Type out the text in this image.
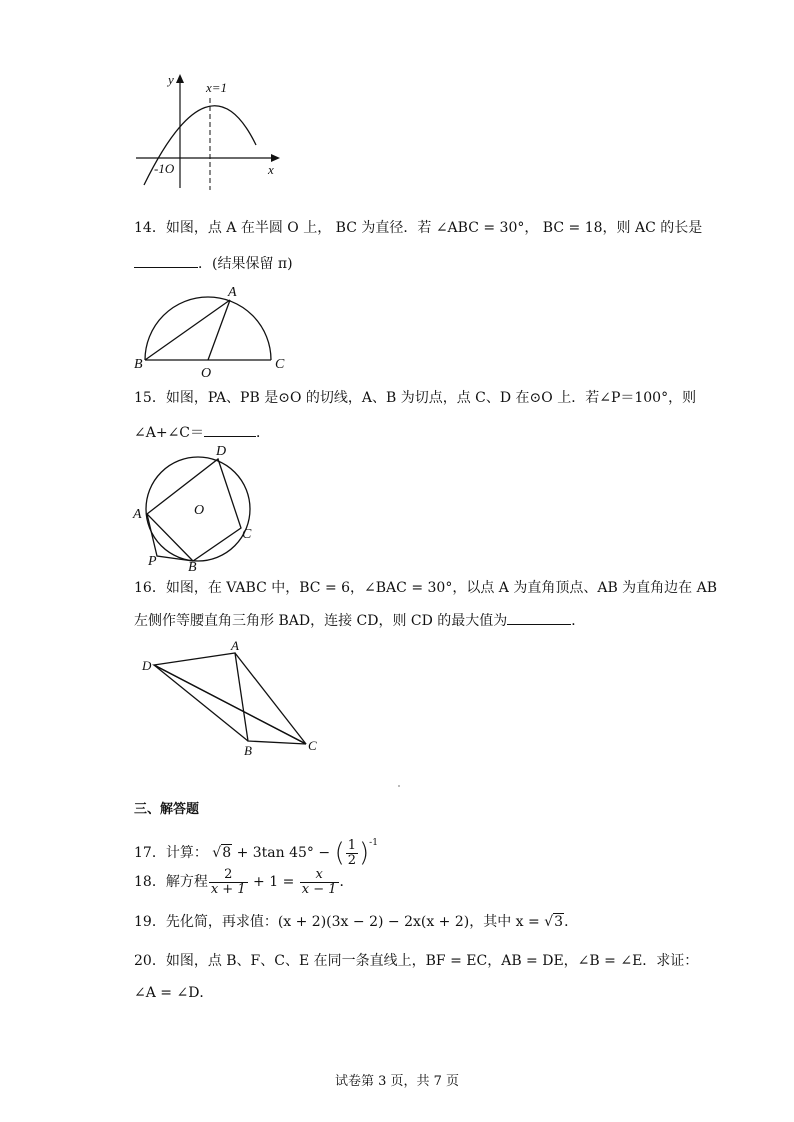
y
x
x=1
-1O
14．如图，点 A 在半圆 O 上， BC 为直径．若 ∠ABC = 30°， BC = 18，则 AC 的长是
．(结果保留 π)
A
B
O
C
15．如图，PA、PB 是⊙O 的切线，A、B 为切点，点 C、D 在⊙O 上．若∠P＝100°，则
∠A+∠C＝	．
D
O
A
C
P B
16．如图，在 VABC 中，BC = 6，∠BAC = 30°，以点 A 为直角顶点、AB 为直角边在 AB
左侧作等腰直角三角形 BAD，连接 CD，则 CD 的最大值为	．
A
D
B	C
三、解答题
17．计算： √8 + 3tan 45° − ( $\frac{1}{2} )^{-1}$
18．解方程 $\frac{2}{x + 1} + 1 = \frac{x}{x - 1}$ ．
19．先化简，再求值：(x + 2)(3x − 2) − 2x(x + 2)，其中 x = √3．
20．如图，点 B、F、C、E 在同一条直线上，BF = EC，AB = DE，∠B = ∠E．求证：
∠A = ∠D．
试卷第 3 页，共 7 页
